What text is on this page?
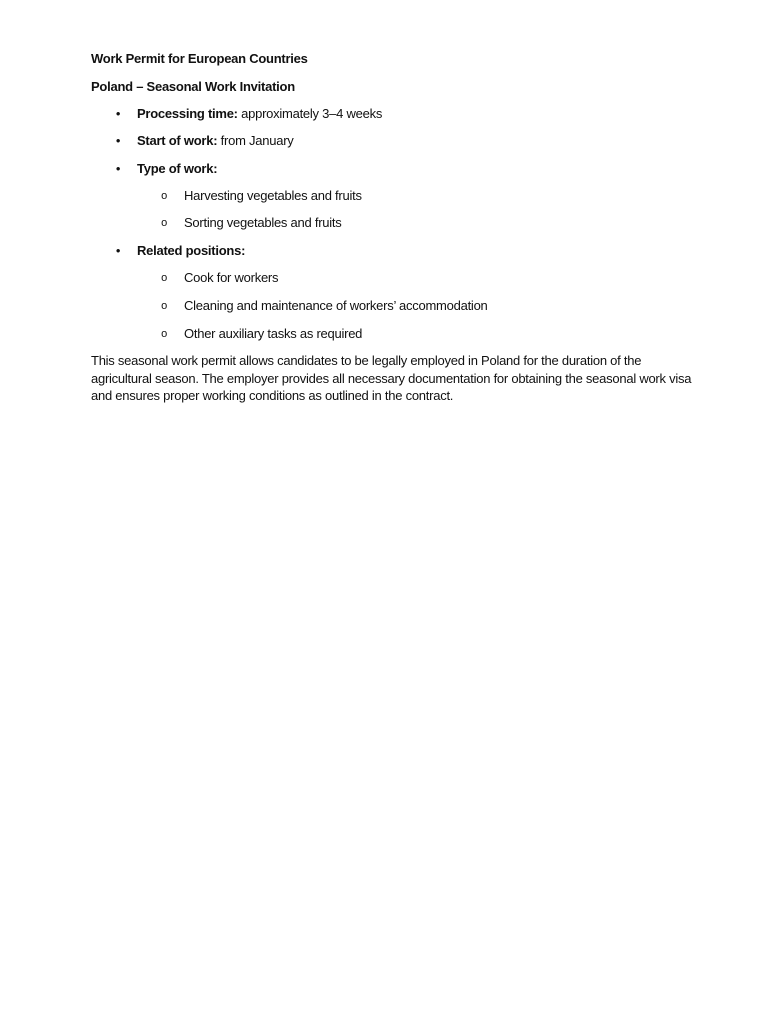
Work Permit for European Countries
Poland – Seasonal Work Invitation
• Processing time: approximately 3–4 weeks
• Start of work: from January
• Type of work:
o Harvesting vegetables and fruits
o Sorting vegetables and fruits
• Related positions:
o Cook for workers
o Cleaning and maintenance of workers’ accommodation
o Other auxiliary tasks as required
This seasonal work permit allows candidates to be legally employed in Poland for the duration of the agricultural season. The employer provides all necessary documentation for obtaining the seasonal work visa and ensures proper working conditions as outlined in the contract.
